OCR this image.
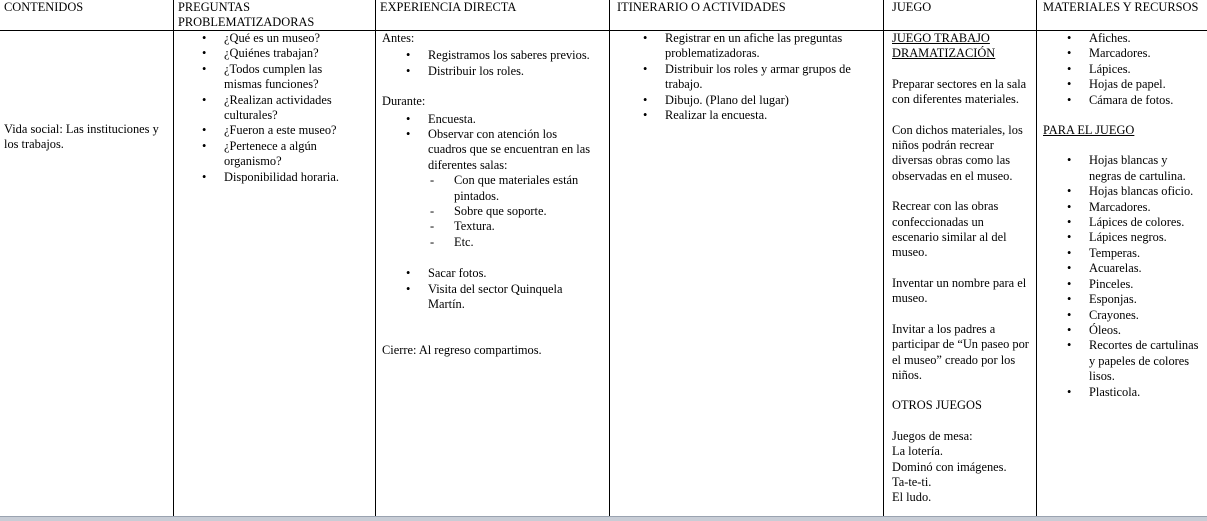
CONTENIDOS
Vida social: Las instituciones y los trabajos.
PREGUNTAS PROBLEMATIZADORAS
• ¿Qué es un museo?
• ¿Quiénes trabajan?
• ¿Todos cumplen las mismas funciones?
• ¿Realizan actividades culturales?
• ¿Fueron a este museo?
• ¿Pertenece a algún organismo?
• Disponibilidad horaria.
EXPERIENCIA DIRECTA

Antes:

• Registramos los saberes previos.
• Distribuir los roles.

Durante:

• Encuesta.
• Observar con atención los cuadros que se encuentran en las diferentes salas:
- Con que materiales están pintados.
- Sobre que soporte.
- Textura.
- Etc.
• Sacar fotos.
• Visita del sector Quinquela Martín.

Cierre: Al regreso compartimos.

ITINERARIO O ACTIVIDADES
• Registrar en un afiche las preguntas problematizadoras.
• Distribuir los roles y armar grupos de trabajo.
• Dibujo. (Plano del lugar)
• Realizar la encuesta.
JUEGO

JUEGO TRABAJO DRAMATIZACIÓN

Preparar sectores en la sala con diferentes materiales.

Con dichos materiales, los niños podrán recrear diversas obras como las observadas en el museo.

Recrear con las obras confeccionadas un escenario similar al del museo.

Inventar un nombre para el museo.

Invitar a los padres a participar de “Un paseo por el museo” creado por los niños.

OTROS JUEGOS

Juegos de mesa:

La lotería.

Dominó con imágenes.

Ta-te-ti.

El ludo.

MATERIALES Y RECURSOS
• Afiches.
• Marcadores.
• Lápices.
• Hojas de papel.
• Cámara de fotos.

PARA EL JUEGO

• Hojas blancas y negras de cartulina.
• Hojas blancas oficio.
• Marcadores.
• Lápices de colores.
• Lápices negros.
• Temperas.
• Acuarelas.
• Pinceles.
• Esponjas.
• Crayones.
• Óleos.
• Recortes de cartulinas y papeles de colores lisos.
• Plasticola.
